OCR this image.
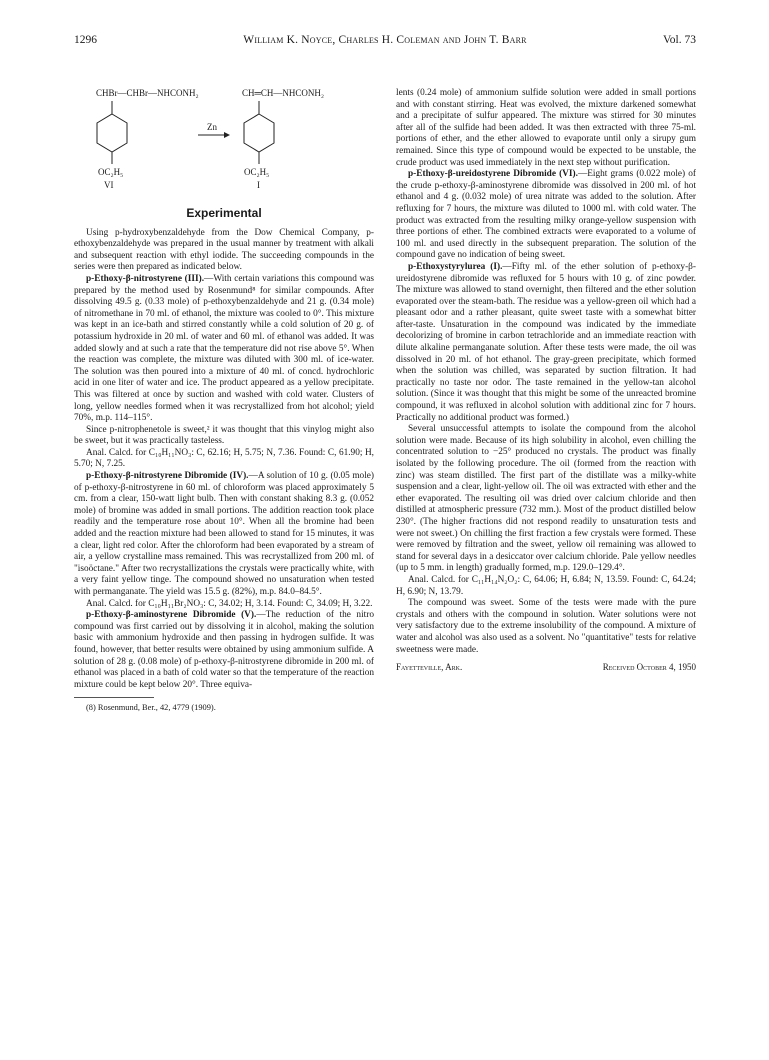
1296	William K. Noyce, Charles H. Coleman and John T. Barr	Vol. 73
CHBr—CHBr—NHCONH₂	CH═CH—NHCONH₂
Zn
OC₂H₅
VI
OC₂H₅
I
Experimental

Using p-hydroxybenzaldehyde from the Dow Chemical Company, p-ethoxybenzaldehyde was prepared in the usual manner by treatment with alkali and subsequent reaction with ethyl iodide. The succeeding compounds in the series were then prepared as indicated below.

p-Ethoxy-β-nitrostyrene (III).—With certain variations this compound was prepared by the method used by Rosenmund⁸ for similar compounds. After dissolving 49.5 g. (0.33 mole) of p-ethoxybenzaldehyde and 21 g. (0.34 mole) of nitromethane in 70 ml. of ethanol, the mixture was cooled to 0°. This mixture was kept in an ice-bath and stirred constantly while a cold solution of 20 g. of potassium hydroxide in 20 ml. of water and 60 ml. of ethanol was added. It was added slowly and at such a rate that the temperature did not rise above 5°. When the reaction was complete, the mixture was diluted with 300 ml. of ice-water. The solution was then poured into a mixture of 40 ml. of concd. hydrochloric acid in one liter of water and ice. The product appeared as a yellow precipitate. This was filtered at once by suction and washed with cold water. Clusters of long, yellow needles formed when it was recrystallized from hot alcohol; yield 70%, m.p. 114–115°.

Since p-nitrophenetole is sweet,² it was thought that this vinylog might also be sweet, but it was practically tasteless.

Anal. Calcd. for C₁₀H₁₁NO₃: C, 62.16; H, 5.75; N, 7.36. Found: C, 61.90; H, 5.70; N, 7.25.

p-Ethoxy-β-nitrostyrene Dibromide (IV).—A solution of 10 g. (0.05 mole) of p-ethoxy-β-nitrostyrene in 60 ml. of chloroform was placed approximately 5 cm. from a clear, 150-watt light bulb. Then with constant shaking 8.3 g. (0.052 mole) of bromine was added in small portions. The addition reaction took place readily and the temperature rose about 10°. When all the bromine had been added and the reaction mixture had been allowed to stand for 15 minutes, it was a clear, light red color. After the chloroform had been evaporated by a stream of air, a yellow crystalline mass remained. This was recrystallized from 200 ml. of "isoöctane." After two recrystallizations the crystals were practically white, with a very faint yellow tinge. The compound showed no unsaturation when tested with permanganate. The yield was 15.5 g. (82%), m.p. 84.0–84.5°.

Anal. Calcd. for C₁₀H₁₁Br₂NO₃: C, 34.02; H, 3.14. Found: C, 34.09; H, 3.22.

p-Ethoxy-β-aminostyrene Dibromide (V).—The reduction of the nitro compound was first carried out by dissolving it in alcohol, making the solution basic with ammonium hydroxide and then passing in hydrogen sulfide. It was found, however, that better results were obtained by using ammonium sulfide. A solution of 28 g. (0.08 mole) of p-ethoxy-β-nitrostyrene dibromide in 200 ml. of ethanol was placed in a bath of cold water so that the temperature of the reaction mixture could be kept below 20°. Three equiva-

(8) Rosenmund, Ber., 42, 4779 (1909).

lents (0.24 mole) of ammonium sulfide solution were added in small portions and with constant stirring. Heat was evolved, the mixture darkened somewhat and a precipitate of sulfur appeared. The mixture was stirred for 30 minutes after all of the sulfide had been added. It was then extracted with three 75-ml. portions of ether, and the ether allowed to evaporate until only a sirupy gum remained. Since this type of compound would be expected to be unstable, the crude product was used immediately in the next step without purification.

p-Ethoxy-β-ureidostyrene Dibromide (VI).—Eight grams (0.022 mole) of the crude p-ethoxy-β-aminostyrene dibromide was dissolved in 200 ml. of hot ethanol and 4 g. (0.032 mole) of urea nitrate was added to the solution. After refluxing for 7 hours, the mixture was diluted to 1000 ml. with cold water. The product was extracted from the resulting milky orange-yellow suspension with three portions of ether. The combined extracts were evaporated to a volume of 100 ml. and used directly in the subsequent preparation. The solution of the compound gave no indication of being sweet.

p-Ethoxystyrylurea (I).—Fifty ml. of the ether solution of p-ethoxy-β-ureidostyrene dibromide was refluxed for 5 hours with 10 g. of zinc powder. The mixture was allowed to stand overnight, then filtered and the ether solution evaporated over the steam-bath. The residue was a yellow-green oil which had a pleasant odor and a rather pleasant, quite sweet taste with a somewhat bitter after-taste. Unsaturation in the compound was indicated by the immediate decolorizing of bromine in carbon tetrachloride and an immediate reaction with dilute alkaline permanganate solution. After these tests were made, the oil was dissolved in 20 ml. of hot ethanol. The gray-green precipitate, which formed when the solution was chilled, was separated by suction filtration. It had practically no taste nor odor. The taste remained in the yellow-tan alcohol solution. (Since it was thought that this might be some of the unreacted bromine compound, it was refluxed in alcohol solution with additional zinc for 7 hours. Practically no additional product was formed.)

Several unsuccessful attempts to isolate the compound from the alcohol solution were made. Because of its high solubility in alcohol, even chilling the concentrated solution to −25° produced no crystals. The product was finally isolated by the following procedure. The oil (formed from the reaction with zinc) was steam distilled. The first part of the distillate was a milky-white suspension and a clear, light-yellow oil. The oil was extracted with ether and the ether evaporated. The resulting oil was dried over calcium chloride and then distilled at atmospheric pressure (732 mm.). Most of the product distilled below 230°. (The higher fractions did not respond readily to unsaturation tests and were not sweet.) On chilling the first fraction a few crystals were formed. These were removed by filtration and the sweet, yellow oil remaining was allowed to stand for several days in a desiccator over calcium chloride. Pale yellow needles (up to 5 mm. in length) gradually formed, m.p. 129.0–129.4°.

Anal. Calcd. for C₁₁H₁₄N₂O₂: C, 64.06; H, 6.84; N, 13.59. Found: C, 64.24; H, 6.90; N, 13.79.

The compound was sweet. Some of the tests were made with the pure crystals and others with the compound in solution. Water solutions were not very satisfactory due to the extreme insolubility of the compound. A mixture of water and alcohol was also used as a solvent. No "quantitative" tests for relative sweetness were made.

Fayetteville, Ark.	Received October 4, 1950
